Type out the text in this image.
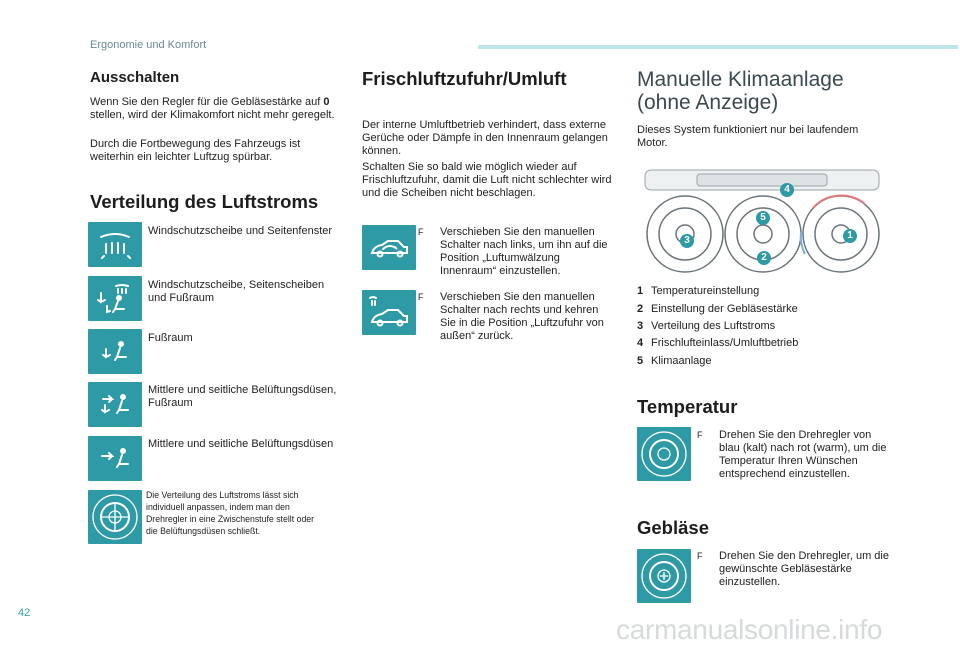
Ergonomie und Komfort
Ausschalten

Wenn Sie den Regler für die Gebläsestärke auf 0 stellen, wird der Klimakomfort nicht mehr geregelt.

Durch die Fortbewegung des Fahrzeugs ist weiterhin ein leichter Luftzug spürbar.

Verteilung des Luftstroms
Windschutzscheibe und Seitenfenster
Windschutzscheibe, Seitenscheiben und Fußraum
Fußraum
Mittlere und seitliche Belüftungsdüsen, Fußraum
Mittlere und seitliche Belüftungsdüsen
Die Verteilung des Luftstroms lässt sich individuell anpassen, indem man den Drehregler in eine Zwischenstufe stellt oder die Belüftungsdüsen schließt.
Frischluftzufuhr/Umluft

Der interne Umluftbetrieb verhindert, dass externe Gerüche oder Dämpfe in den Innenraum gelangen können.

Schalten Sie so bald wie möglich wieder auf Frischluftzufuhr, damit die Luft nicht schlechter wird und die Scheiben nicht beschlagen.

F Verschieben Sie den manuellen Schalter nach links, um ihn auf die Position „Luftumwälzung Innenraum“ einzustellen.
F Verschieben Sie den manuellen Schalter nach rechts und kehren Sie in die Position „Luftzufuhr von außen“ zurück.
Manuelle Klimaanlage
(ohne Anzeige)

Dieses System funktioniert nur bei laufendem Motor.

1
2
3
4
5
1 Temperatureinstellung
2 Einstellung der Gebläsestärke
3 Verteilung des Luftstroms
4 Frischlufteinlass/Umluftbetrieb
5 Klimaanlage
Temperatur
F Drehen Sie den Drehregler von blau (kalt) nach rot (warm), um die Temperatur Ihren Wünschen entsprechend einzustellen.
Gebläse
F Drehen Sie den Drehregler, um die gewünschte Gebläsestärke einzustellen.
42
carmanualsonline.info
